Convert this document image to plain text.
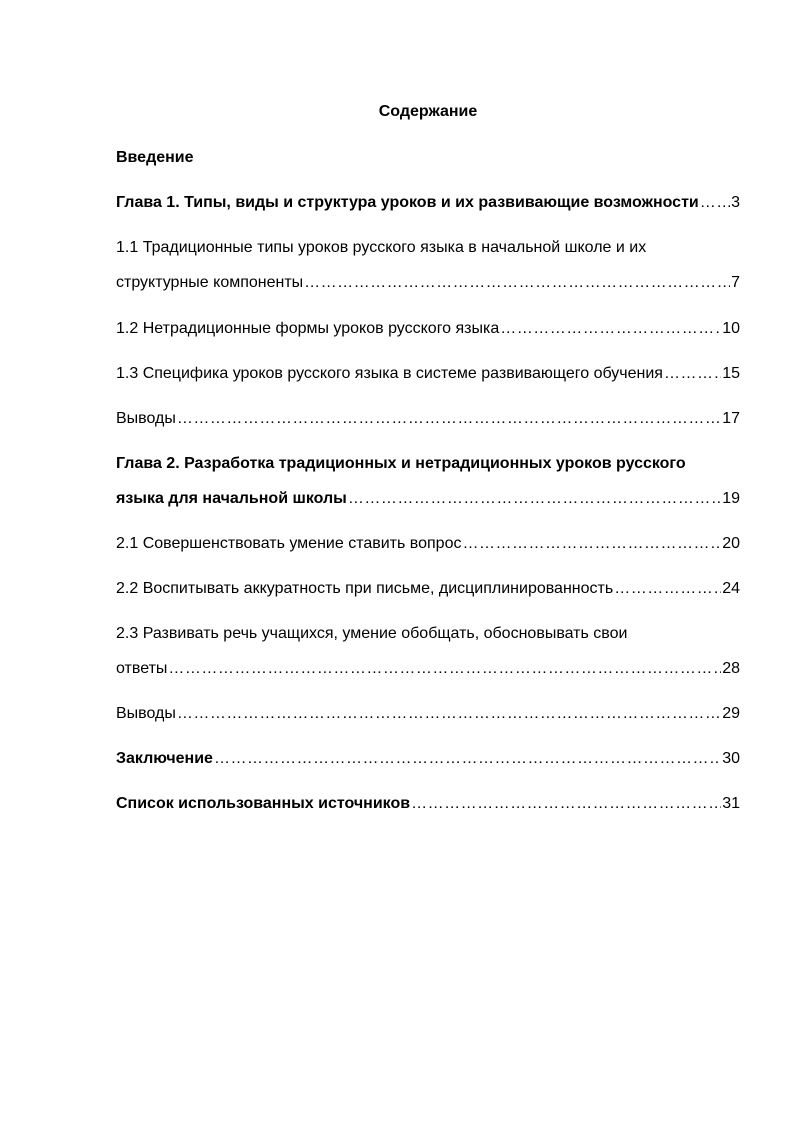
Содержание
Введение
Глава 1. Типы, виды и структура уроков и их развивающие возможности …………………………………………………………………………………………………………………………………………………………………………………………………………… 3
1.1 Традиционные типы уроков русского языка в начальной школе и их
структурные компоненты ……………………………………………………………………………………………………………………………………………………………………………………………………………	7
1.2 Нетрадиционные формы уроков русского языка ……………………………………………………………………………………………………………………………………………………………………………………………………………	10
1.3 Специфика уроков русского языка в системе развивающего обучения ……………………………………………………………………………………………………………………………………………………………………………………………………………	15
Выводы ……………………………………………………………………………………………………………………………………………………………………………………………………………	17
Глава 2. Разработка традиционных и нетрадиционных уроков русского
языка для начальной школы ……………………………………………………………………………………………………………………………………………………………………………………………………………	19
2.1 Совершенствовать умение ставить вопрос ……………………………………………………………………………………………………………………………………………………………………………………………………………	20
2.2 Воспитывать аккуратность при письме, дисциплинированность ……………………………………………………………………………………………………………………………………………………………………………………………………………	24
2.3 Развивать речь учащихся, умение обобщать, обосновывать свои
ответы ……………………………………………………………………………………………………………………………………………………………………………………………………………	28
Выводы ……………………………………………………………………………………………………………………………………………………………………………………………………………	29
Заключение ……………………………………………………………………………………………………………………………………………………………………………………………………………	30
Список использованных источников ……………………………………………………………………………………………………………………………………………………………………………………………………………	31
